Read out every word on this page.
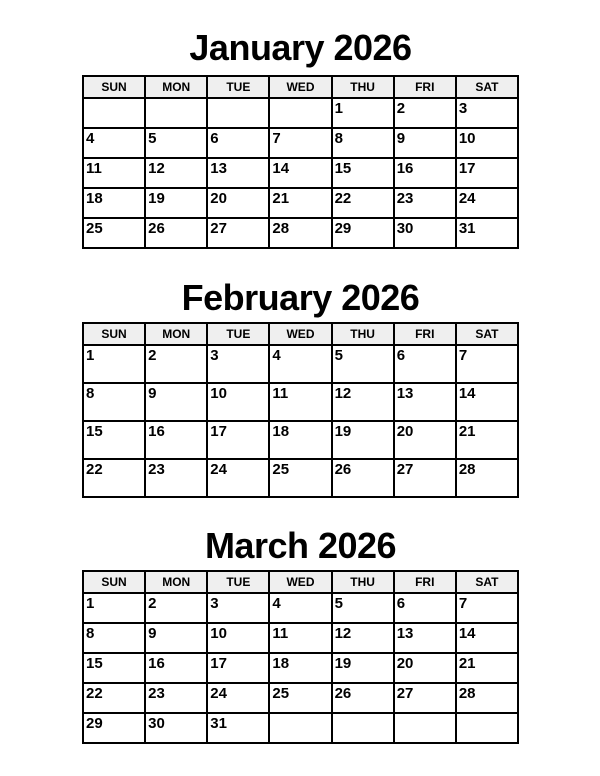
January 2026
SUN	MON	TUE	WED	THU	FRI	SAT

				1	2	3

4	5	6	7	8	9	10

11	12	13	14	15	16	17

18	19	20	21	22	23	24

25	26	27	28	29	30	31
February 2026
SUN	MON	TUE	WED	THU	FRI	SAT

1	2	3	4	5	6	7

8	9	10	11	12	13	14

15	16	17	18	19	20	21

22	23	24	25	26	27	28
March 2026
SUN	MON	TUE	WED	THU	FRI	SAT

1	2	3	4	5	6	7

8	9	10	11	12	13	14

15	16	17	18	19	20	21

22	23	24	25	26	27	28

29	30	31				
